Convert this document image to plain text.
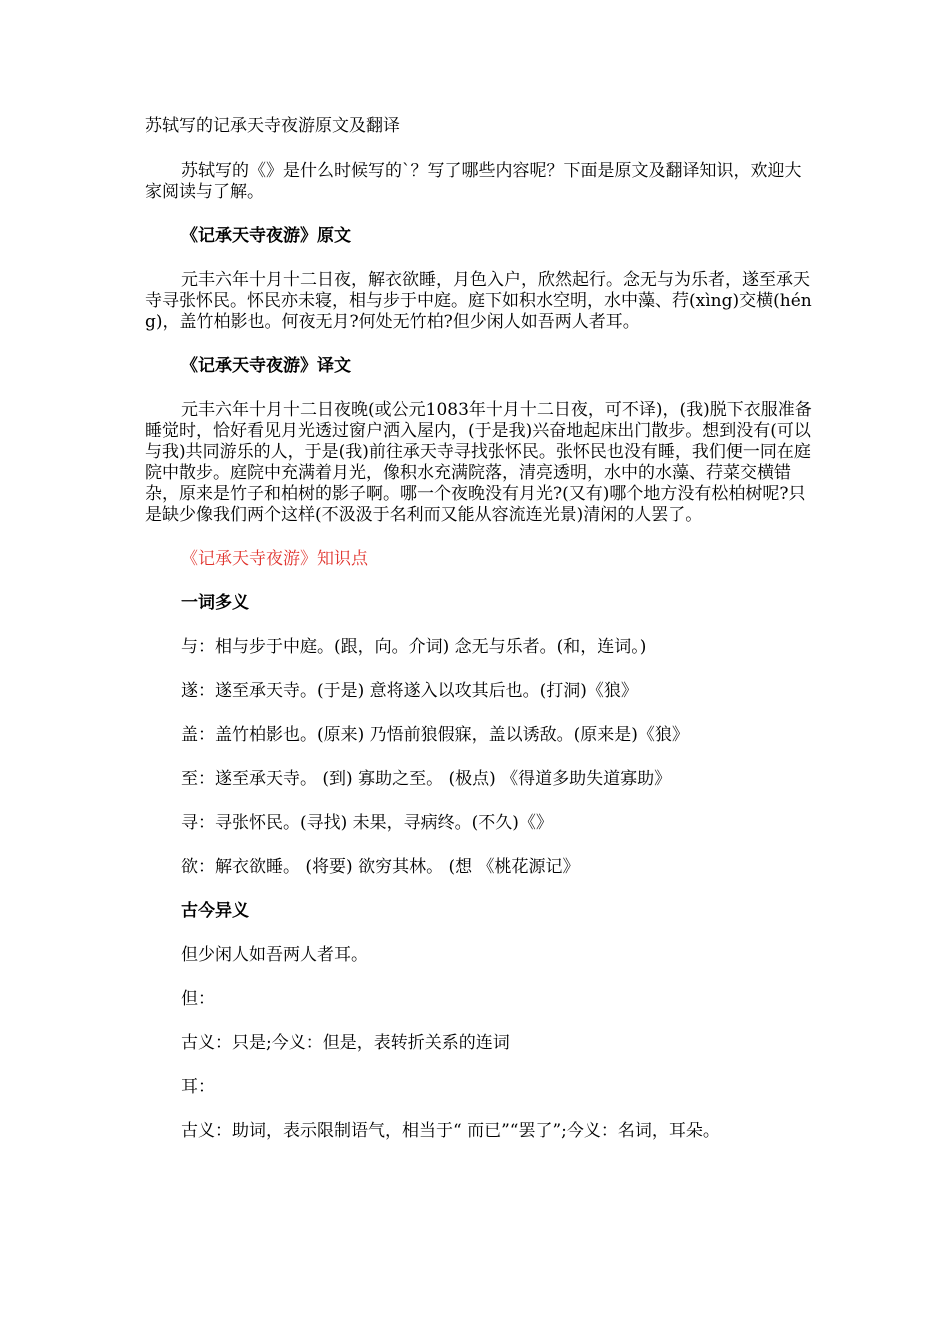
苏轼写的记承天寺夜游原文及翻译

苏轼写的《》是什么时候写的`？写了哪些内容呢？下面是原文及翻译知识，欢迎大家阅读与了解。

《记承天寺夜游》原文

元丰六年十月十二日夜，解衣欲睡，月色入户，欣然起行。念无与为乐者，遂至承天寺寻张怀民。怀民亦未寝，相与步于中庭。庭下如积水空明，水中藻、荇(xìng)交横(héng)，盖竹柏影也。何夜无月?何处无竹柏?但少闲人如吾两人者耳。

《记承天寺夜游》译文

元丰六年十月十二日夜晚(或公元1083年十月十二日夜，可不译)，(我)脱下衣服准备睡觉时，恰好看见月光透过窗户洒入屋内，(于是我)兴奋地起床出门散步。想到没有(可以与我)共同游乐的人，于是(我)前往承天寺寻找张怀民。张怀民也没有睡，我们便一同在庭院中散步。庭院中充满着月光，像积水充满院落，清亮透明，水中的水藻、荇菜交横错杂，原来是竹子和柏树的影子啊。哪一个夜晚没有月光?(又有)哪个地方没有松柏树呢?只是缺少像我们两个这样(不汲汲于名利而又能从容流连光景)清闲的人罢了。

《记承天寺夜游》知识点

一词多义

与：相与步于中庭。(跟，向。介词) 念无与乐者。(和，连词。)

遂：遂至承天寺。(于是) 意将遂入以攻其后也。(打洞)《狼》

盖：盖竹柏影也。(原来) 乃悟前狼假寐，盖以诱敌。(原来是)《狼》

至：遂至承天寺。 (到) 寡助之至。 (极点) 《得道多助失道寡助》

寻：寻张怀民。(寻找) 未果，寻病终。(不久)《》

欲：解衣欲睡。 (将要) 欲穷其林。 (想 《桃花源记》

古今异义

但少闲人如吾两人者耳。

但：

古义：只是;今义：但是，表转折关系的连词

耳：

古义：助词，表示限制语气，相当于“ 而已”“罢了”;今义：名词，耳朵。
